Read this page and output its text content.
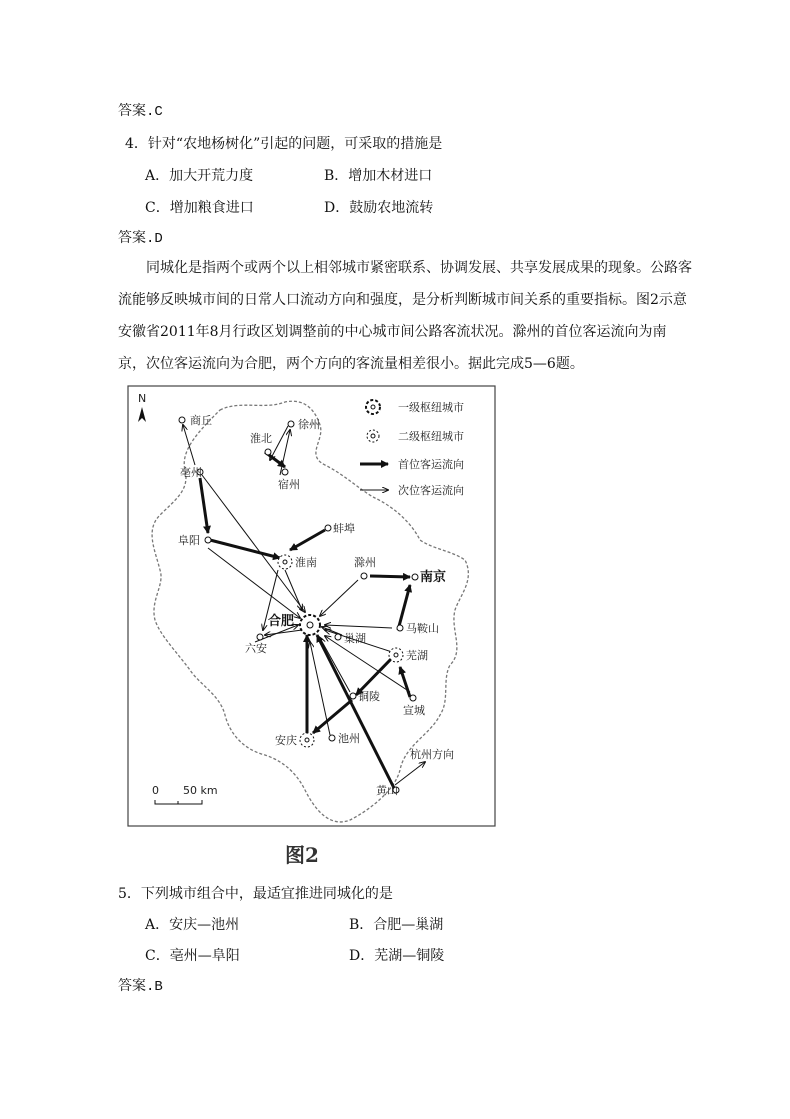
答案.C
4．针对“农地杨树化”引起的问题，可采取的措施是
A．加大开荒力度	B．增加木材进口
C．增加粮食进口	D．鼓励农地流转
答案.D
同城化是指两个或两个以上相邻城市紧密联系、协调发展、共享发展成果的现象。公路客流能够反映城市间的日常人口流动方向和强度，是分析判断城市间关系的重要指标。图2示意安徽省2011年8月行政区划调整前的中心城市间公路客流状况。滁州的首位客运流向为南京，次位客运流向为合肥，两个方向的客流量相差很小。据此完成5—6题。
N
一级枢纽城市
二级枢纽城市
首位客运流向
次位客运流向
商丘	徐州
淮北
宿州
亳州
阜阳
蚌埠
淮南	滁州
南京
合肥
六安
巢湖
马鞍山
芜湖
铜陵
宣城
安庆	池州
黄山
杭州方向
0 50 km
图2
5．下列城市组合中，最适宜推进同城化的是
A．安庆—池州	B．合肥—巢湖
C．亳州—阜阳	D．芜湖—铜陵
答案.B
